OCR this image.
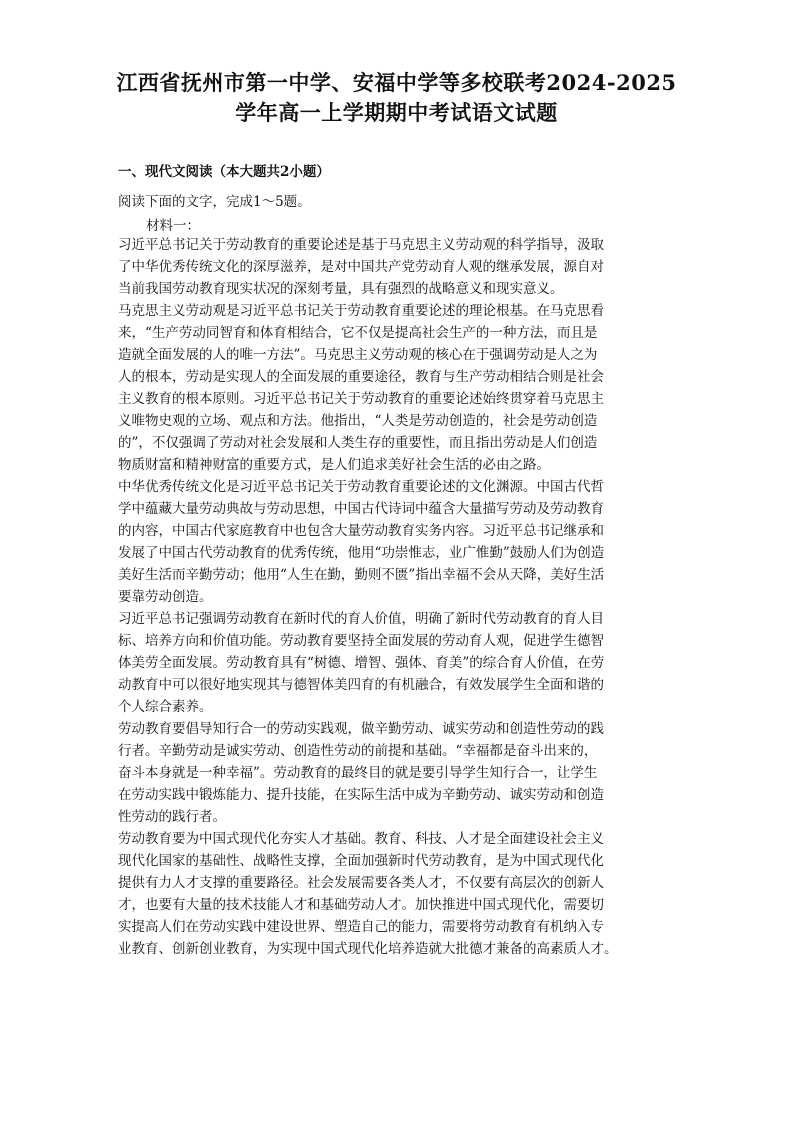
江西省抚州市第一中学、安福中学等多校联考2024-2025
学年高一上学期期中考试语文试题

一、现代文阅读（本大题共2小题）

阅读下面的文字，完成1～5题。

材料一：

习近平总书记关于劳动教育的重要论述是基于马克思主义劳动观的科学指导，汲取
了中华优秀传统文化的深厚滋养，是对中国共产党劳动育人观的继承发展，源自对
当前我国劳动教育现实状况的深刻考量，具有强烈的战略意义和现实意义。
马克思主义劳动观是习近平总书记关于劳动教育重要论述的理论根基。在马克思看
来，“生产劳动同智育和体育相结合，它不仅是提高社会生产的一种方法，而且是
造就全面发展的人的唯一方法”。马克思主义劳动观的核心在于强调劳动是人之为
人的根本，劳动是实现人的全面发展的重要途径，教育与生产劳动相结合则是社会
主义教育的根本原则。习近平总书记关于劳动教育的重要论述始终贯穿着马克思主
义唯物史观的立场、观点和方法。他指出，“人类是劳动创造的，社会是劳动创造
的”，不仅强调了劳动对社会发展和人类生存的重要性，而且指出劳动是人们创造
物质财富和精神财富的重要方式，是人们追求美好社会生活的必由之路。
中华优秀传统文化是习近平总书记关于劳动教育重要论述的文化渊源。中国古代哲
学中蕴藏大量劳动典故与劳动思想，中国古代诗词中蕴含大量描写劳动及劳动教育
的内容，中国古代家庭教育中也包含大量劳动教育实务内容。习近平总书记继承和
发展了中国古代劳动教育的优秀传统，他用“功崇惟志，业广惟勤”鼓励人们为创造
美好生活而辛勤劳动；他用“人生在勤，勤则不匮”指出幸福不会从天降，美好生活
要靠劳动创造。
习近平总书记强调劳动教育在新时代的育人价值，明确了新时代劳动教育的育人目
标、培养方向和价值功能。劳动教育要坚持全面发展的劳动育人观，促进学生德智
体美劳全面发展。劳动教育具有“树德、增智、强体、育美”的综合育人价值，在劳
动教育中可以很好地实现其与德智体美四育的有机融合，有效发展学生全面和谐的
个人综合素养。
劳动教育要倡导知行合一的劳动实践观，做辛勤劳动、诚实劳动和创造性劳动的践
行者。辛勤劳动是诚实劳动、创造性劳动的前提和基础。“幸福都是奋斗出来的，
奋斗本身就是一种幸福”。劳动教育的最终目的就是要引导学生知行合一，让学生
在劳动实践中锻炼能力、提升技能，在实际生活中成为辛勤劳动、诚实劳动和创造
性劳动的践行者。
劳动教育要为中国式现代化夯实人才基础。教育、科技、人才是全面建设社会主义
现代化国家的基础性、战略性支撑，全面加强新时代劳动教育，是为中国式现代化
提供有力人才支撑的重要路径。社会发展需要各类人才，不仅要有高层次的创新人
才，也要有大量的技术技能人才和基础劳动人才。加快推进中国式现代化，需要切
实提高人们在劳动实践中建设世界、塑造自己的能力，需要将劳动教育有机纳入专
业教育、创新创业教育，为实现中国式现代化培养造就大批德才兼备的高素质人才。
